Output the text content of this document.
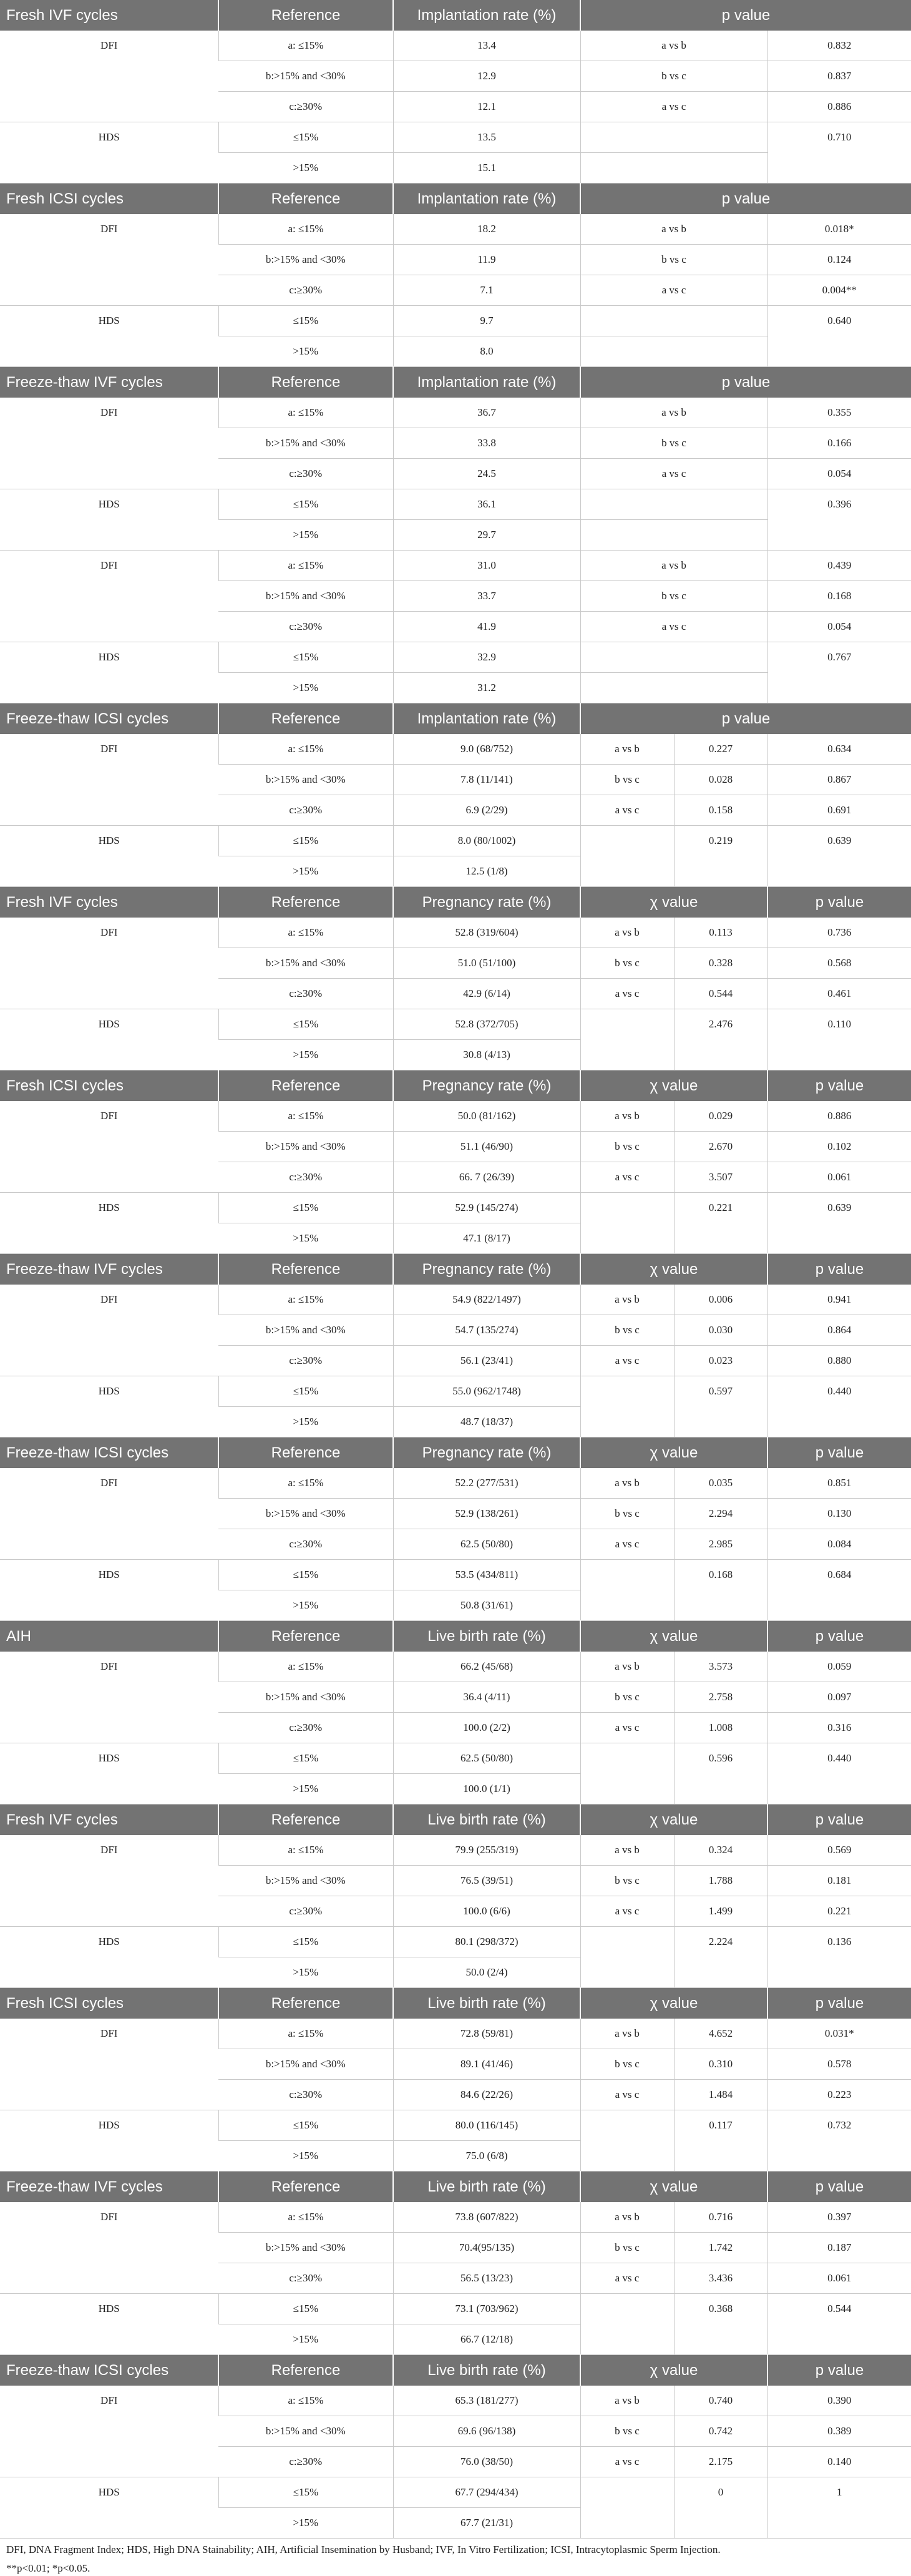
Fresh IVF cycles	Reference	Implantation rate (%)	p value		
DFI	a: ≤15%	13.4	a vs b		0.832
	b:>15% and <30%	12.9	b vs c		0.837
	c:≥30%	12.1	a vs c		0.886
HDS	≤15%	13.5			0.710
	>15%	15.1			
Fresh ICSI cycles	Reference	Implantation rate (%)	p value		
DFI	a: ≤15%	18.2	a vs b		0.018*
	b:>15% and <30%	11.9	b vs c		0.124
	c:≥30%	7.1	a vs c		0.004**
HDS	≤15%	9.7			0.640
	>15%	8.0			
Freeze-thaw IVF cycles	Reference	Implantation rate (%)	p value		
DFI	a: ≤15%	36.7	a vs b		0.355
	b:>15% and <30%	33.8	b vs c		0.166
	c:≥30%	24.5	a vs c		0.054
HDS	≤15%	36.1			0.396
	>15%	29.7			
DFI	a: ≤15%	31.0	a vs b		0.439
	b:>15% and <30%	33.7	b vs c		0.168
	c:≥30%	41.9	a vs c		0.054
HDS	≤15%	32.9			0.767
	>15%	31.2			
Freeze-thaw ICSI cycles	Reference	Implantation rate (%)	p value		
DFI	a: ≤15%	9.0 (68/752)	a vs b	0.227	0.634
	b:>15% and <30%	7.8 (11/141)	b vs c	0.028	0.867
	c:≥30%	6.9 (2/29)	a vs c	0.158	0.691
HDS	≤15%	8.0 (80/1002)		0.219	0.639
	>15%	12.5 (1/8)			
Fresh IVF cycles	Reference	Pregnancy rate (%)	χ value		p value
DFI	a: ≤15%	52.8 (319/604)	a vs b	0.113	0.736
	b:>15% and <30%	51.0 (51/100)	b vs c	0.328	0.568
	c:≥30%	42.9 (6/14)	a vs c	0.544	0.461
HDS	≤15%	52.8 (372/705)		2.476	0.110
	>15%	30.8 (4/13)			
Fresh ICSI cycles	Reference	Pregnancy rate (%)	χ value		p value
DFI	a: ≤15%	50.0 (81/162)	a vs b	0.029	0.886
	b:>15% and <30%	51.1 (46/90)	b vs c	2.670	0.102
	c:≥30%	66. 7 (26/39)	a vs c	3.507	0.061
HDS	≤15%	52.9 (145/274)		0.221	0.639
	>15%	47.1 (8/17)			
Freeze-thaw IVF cycles	Reference	Pregnancy rate (%)	χ value		p value
DFI	a: ≤15%	54.9 (822/1497)	a vs b	0.006	0.941
	b:>15% and <30%	54.7 (135/274)	b vs c	0.030	0.864
	c:≥30%	56.1 (23/41)	a vs c	0.023	0.880
HDS	≤15%	55.0 (962/1748)		0.597	0.440
	>15%	48.7 (18/37)			
Freeze-thaw ICSI cycles	Reference	Pregnancy rate (%)	χ value		p value
DFI	a: ≤15%	52.2 (277/531)	a vs b	0.035	0.851
	b:>15% and <30%	52.9 (138/261)	b vs c	2.294	0.130
	c:≥30%	62.5 (50/80)	a vs c	2.985	0.084
HDS	≤15%	53.5 (434/811)		0.168	0.684
	>15%	50.8 (31/61)			
AIH	Reference	Live birth rate (%)	χ value		p value
DFI	a: ≤15%	66.2 (45/68)	a vs b	3.573	0.059
	b:>15% and <30%	36.4 (4/11)	b vs c	2.758	0.097
	c:≥30%	100.0 (2/2)	a vs c	1.008	0.316
HDS	≤15%	62.5 (50/80)		0.596	0.440
	>15%	100.0 (1/1)			
Fresh IVF cycles	Reference	Live birth rate (%)	χ value		p value
DFI	a: ≤15%	79.9 (255/319)	a vs b	0.324	0.569
	b:>15% and <30%	76.5 (39/51)	b vs c	1.788	0.181
	c:≥30%	100.0 (6/6)	a vs c	1.499	0.221
HDS	≤15%	80.1 (298/372)		2.224	0.136
	>15%	50.0 (2/4)			
Fresh ICSI cycles	Reference	Live birth rate (%)	χ value		p value
DFI	a: ≤15%	72.8 (59/81)	a vs b	4.652	0.031*
	b:>15% and <30%	89.1 (41/46)	b vs c	0.310	0.578
	c:≥30%	84.6 (22/26)	a vs c	1.484	0.223
HDS	≤15%	80.0 (116/145)		0.117	0.732
	>15%	75.0 (6/8)			
Freeze-thaw IVF cycles	Reference	Live birth rate (%)	χ value		p value
DFI	a: ≤15%	73.8 (607/822)	a vs b	0.716	0.397
	b:>15% and <30%	70.4(95/135)	b vs c	1.742	0.187
	c:≥30%	56.5 (13/23)	a vs c	3.436	0.061
HDS	≤15%	73.1 (703/962)		0.368	0.544
	>15%	66.7 (12/18)			
Freeze-thaw ICSI cycles	Reference	Live birth rate (%)	χ value		p value
DFI	a: ≤15%	65.3 (181/277)	a vs b	0.740	0.390
	b:>15% and <30%	69.6 (96/138)	b vs c	0.742	0.389
	c:≥30%	76.0 (38/50)	a vs c	2.175	0.140
HDS	≤15%	67.7 (294/434)		0	1
	>15%	67.7 (21/31)			
DFI, DNA Fragment Index; HDS, High DNA Stainability; AIH, Artificial Insemination by Husband; IVF, In Vitro Fertilization; ICSI, Intracytoplasmic Sperm Injection.
**p<0.01; *p<0.05.
